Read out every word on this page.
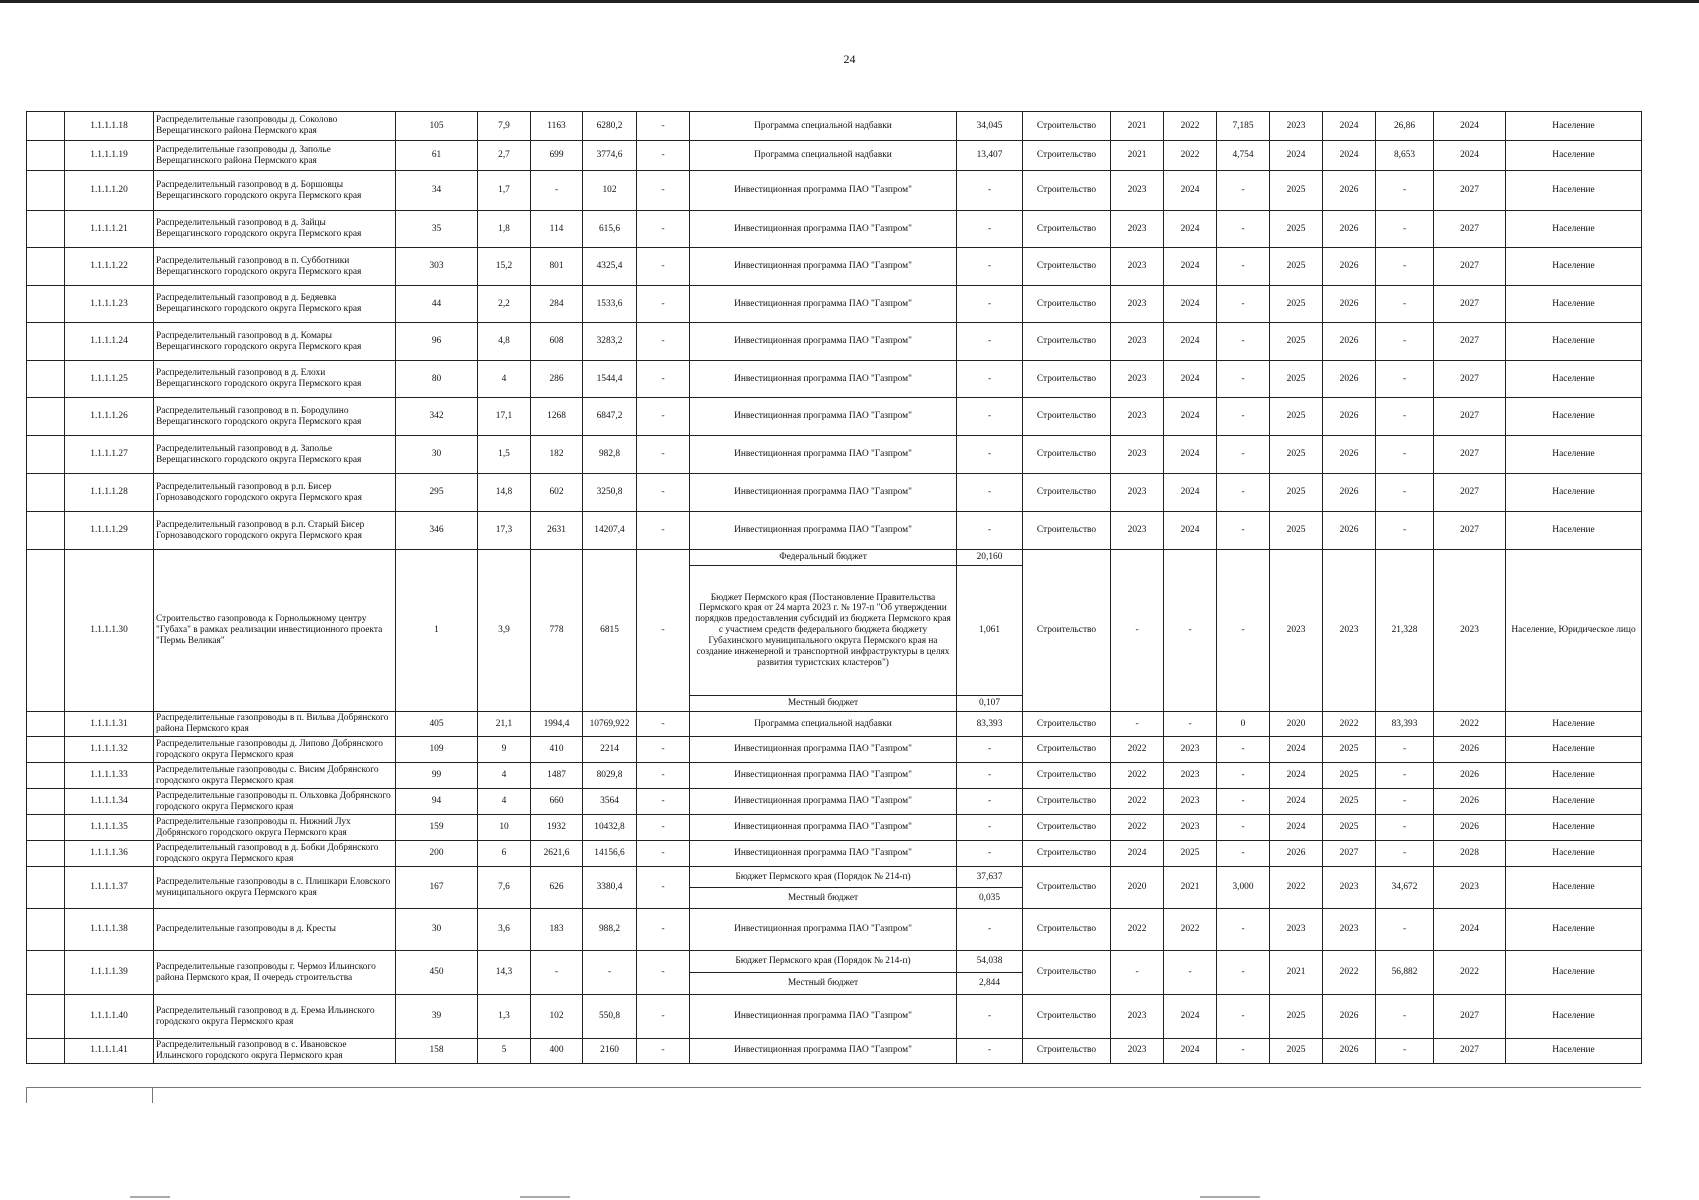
24
	1.1.1.1.18	Распределительные газопроводы д. Соколово Верещагинского района Пермского края	105	7,9	1163	6280,2	-	Программа специальной надбавки	34,045	Строительство	2021	2022	7,185	2023	2024	26,86	2024	Население
	1.1.1.1.19	Распределительные газопроводы д. Заполье Верещагинского района Пермского края	61	2,7	699	3774,6	-	Программа специальной надбавки	13,407	Строительство	2021	2022	4,754	2024	2024	8,653	2024	Население
	1.1.1.1.20	Распределительный газопровод в д. Боршовцы Верещагинского городского округа Пермского края	34	1,7	-	102	-	Инвестиционная программа ПАО "Газпром"	-	Строительство	2023	2024	-	2025	2026	-	2027	Население
	1.1.1.1.21	Распределительный газопровод в д. Зайцы Верещагинского городского округа Пермского края	35	1,8	114	615,6	-	Инвестиционная программа ПАО "Газпром"	-	Строительство	2023	2024	-	2025	2026	-	2027	Население
	1.1.1.1.22	Распределительный газопровод в п. Субботники Верещагинского городского округа Пермского края	303	15,2	801	4325,4	-	Инвестиционная программа ПАО "Газпром"	-	Строительство	2023	2024	-	2025	2026	-	2027	Население
	1.1.1.1.23	Распределительный газопровод в д. Бедяевка Верещагинского городского округа Пермского края	44	2,2	284	1533,6	-	Инвестиционная программа ПАО "Газпром"	-	Строительство	2023	2024	-	2025	2026	-	2027	Население
	1.1.1.1.24	Распределительный газопровод в д. Комары Верещагинского городского округа Пермского края	96	4,8	608	3283,2	-	Инвестиционная программа ПАО "Газпром"	-	Строительство	2023	2024	-	2025	2026	-	2027	Население
	1.1.1.1.25	Распределительный газопровод в д. Елохи Верещагинского городского округа Пермского края	80	4	286	1544,4	-	Инвестиционная программа ПАО "Газпром"	-	Строительство	2023	2024	-	2025	2026	-	2027	Население
	1.1.1.1.26	Распределительный газопровод в п. Бородулино Верещагинского городского округа Пермского края	342	17,1	1268	6847,2	-	Инвестиционная программа ПАО "Газпром"	-	Строительство	2023	2024	-	2025	2026	-	2027	Население
	1.1.1.1.27	Распределительный газопровод в д. Заполье Верещагинского городского округа Пермского края	30	1,5	182	982,8	-	Инвестиционная программа ПАО "Газпром"	-	Строительство	2023	2024	-	2025	2026	-	2027	Население
	1.1.1.1.28	Распределительный газопровод в р.п. Бисер Горнозаводского городского округа Пермского края	295	14,8	602	3250,8	-	Инвестиционная программа ПАО "Газпром"	-	Строительство	2023	2024	-	2025	2026	-	2027	Население
	1.1.1.1.29	Распределительный газопровод в р.п. Старый Бисер Горнозаводского городского округа Пермского края	346	17,3	2631	14207,4	-	Инвестиционная программа ПАО "Газпром"	-	Строительство	2023	2024	-	2025	2026	-	2027	Население
	1.1.1.1.30	Строительство газопровода к Горнолыжному центру "Губаха" в рамках реализации инвестиционного проекта "Пермь Великая"	1	3,9	778	6815	-	Федеральный бюджет	20,160	Строительство	-	-	-	2023	2023	21,328	2023	Население, Юридическое лицо
								Бюджет Пермского края (Постановление Правительства Пермского края от 24 марта 2023 г. № 197-п "Об утверждении порядков предоставления субсидий из бюджета Пермского края с участием средств федерального бюджета бюджету Губахинского муниципального округа Пермского края на создание инженерной и транспортной инфраструктуры в целях развития туристских кластеров")	1,061									
								Местный бюджет	0,107									
	1.1.1.1.31	Распределительные газопроводы в п. Вильва Добрянского района Пермского края	405	21,1	1994,4	10769,922	-	Программа специальной надбавки	83,393	Строительство	-	-	0	2020	2022	83,393	2022	Население
	1.1.1.1.32	Распределительные газопроводы д. Липово Добрянского городского округа Пермского края	109	9	410	2214	-	Инвестиционная программа ПАО "Газпром"	-	Строительство	2022	2023	-	2024	2025	-	2026	Население
	1.1.1.1.33	Распределительные газопроводы с. Висим Добрянского городского округа Пермского края	99	4	1487	8029,8	-	Инвестиционная программа ПАО "Газпром"	-	Строительство	2022	2023	-	2024	2025	-	2026	Население
	1.1.1.1.34	Распределительные газопроводы п. Ольховка Добрянского городского округа Пермского края	94	4	660	3564	-	Инвестиционная программа ПАО "Газпром"	-	Строительство	2022	2023	-	2024	2025	-	2026	Население
	1.1.1.1.35	Распределительные газопроводы п. Нижний Лух Добрянского городского округа Пермского края	159	10	1932	10432,8	-	Инвестиционная программа ПАО "Газпром"	-	Строительство	2022	2023	-	2024	2025	-	2026	Население
	1.1.1.1.36	Распределительный газопровод в д. Бобки Добрянского городского округа Пермского края	200	6	2621,6	14156,6	-	Инвестиционная программа ПАО "Газпром"	-	Строительство	2024	2025	-	2026	2027	-	2028	Население
	1.1.1.1.37	Распределительные газопроводы в с. Плишкари Еловского муниципального округа Пермского края	167	7,6	626	3380,4	-	Бюджет Пермского края (Порядок № 214-п)	37,637	Строительство	2020	2021	3,000	2022	2023	34,672	2023	Население
								Местный бюджет	0,035									
	1.1.1.1.38	Распределительные газопроводы в д. Кресты	30	3,6	183	988,2	-	Инвестиционная программа ПАО "Газпром"	-	Строительство	2022	2022	-	2023	2023	-	2024	Население
	1.1.1.1.39	Распределительные газопроводы г. Чермоз Ильинского района Пермского края, II очередь строительства	450	14,3	-	-	-	Бюджет Пермского края (Порядок № 214-п)	54,038	Строительство	-	-	-	2021	2022	56,882	2022	Население
								Местный бюджет	2,844									
	1.1.1.1.40	Распределительный газопровод в д. Ерема Ильинского городского округа Пермского края	39	1,3	102	550,8	-	Инвестиционная программа ПАО "Газпром"	-	Строительство	2023	2024	-	2025	2026	-	2027	Население
	1.1.1.1.41	Распределительный газопровод в с. Ивановское Ильинского городского округа Пермского края	158	5	400	2160	-	Инвестиционная программа ПАО "Газпром"	-	Строительство	2023	2024	-	2025	2026	-	2027	Население
